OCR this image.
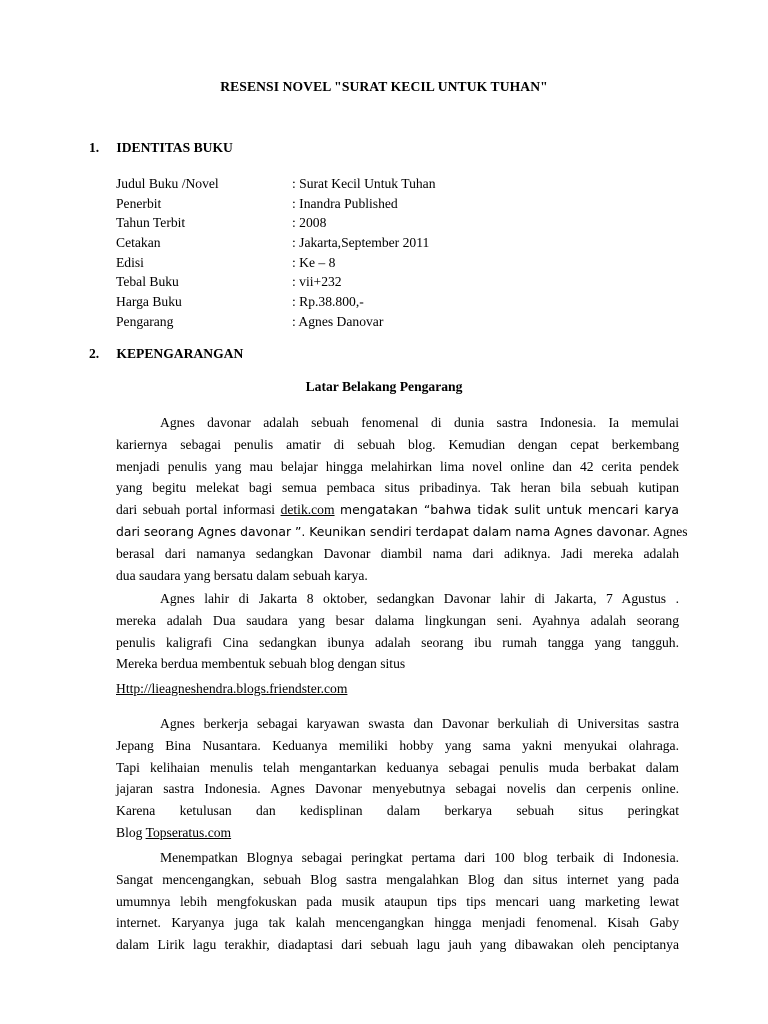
RESENSI NOVEL "SURAT KECIL UNTUK TUHAN"
1. IDENTITAS BUKU
Judul Buku /Novel	: Surat Kecil Untuk Tuhan
Penerbit	: Inandra Published
Tahun Terbit	: 2008
Cetakan	: Jakarta,September 2011
Edisi	: Ke – 8
Tebal Buku	: vii+232
Harga Buku	: Rp.38.800,-
Pengarang	: Agnes Danovar
2. KEPENGARANGAN
Latar Belakang Pengarang
Agnes davonar adalah sebuah fenomenal di dunia sastra Indonesia. Ia memulai
kariernya sebagai penulis amatir di sebuah blog. Kemudian dengan cepat berkembang
menjadi penulis yang mau belajar hingga melahirkan lima novel online dan 42 cerita pendek
yang begitu melekat bagi semua pembaca situs pribadinya. Tak heran bila sebuah kutipan
dari sebuah portal informasi detik.com mengatakan “bahwa tidak sulit untuk mencari karya
dari seorang Agnes davonar ”. Keunikan sendiri terdapat dalam nama Agnes davonar. Agnes
berasal dari namanya sedangkan Davonar diambil nama dari adiknya. Jadi mereka adalah
dua saudara yang bersatu dalam sebuah karya.
Agnes lahir di Jakarta 8 oktober, sedangkan Davonar lahir di Jakarta, 7 Agustus .
mereka adalah Dua saudara yang besar dalama lingkungan seni. Ayahnya adalah seorang
penulis kaligrafi Cina sedangkan ibunya adalah seorang ibu rumah tangga yang tangguh.
Mereka berdua membentuk sebuah blog dengan situs
Http://lieagneshendra.blogs.friendster.com
Agnes berkerja sebagai karyawan swasta dan Davonar berkuliah di Universitas sastra
Jepang Bina Nusantara. Keduanya memiliki hobby yang sama yakni menyukai olahraga.
Tapi kelihaian menulis telah mengantarkan keduanya sebagai penulis muda berbakat dalam
jajaran sastra Indonesia. Agnes Davonar menyebutnya sebagai novelis dan cerpenis online.
Karena ketulusan dan kedisplinan dalam berkarya sebuah situs peringkat
Blog Topseratus.com
Menempatkan Blognya sebagai peringkat pertama dari 100 blog terbaik di Indonesia.
Sangat mencengangkan, sebuah Blog sastra mengalahkan Blog dan situs internet yang pada
umumnya lebih mengfokuskan pada musik ataupun tips tips mencari uang marketing lewat
internet. Karyanya juga tak kalah mencengangkan hingga menjadi fenomenal. Kisah Gaby
dalam Lirik lagu terakhir, diadaptasi dari sebuah lagu jauh yang dibawakan oleh penciptanya
